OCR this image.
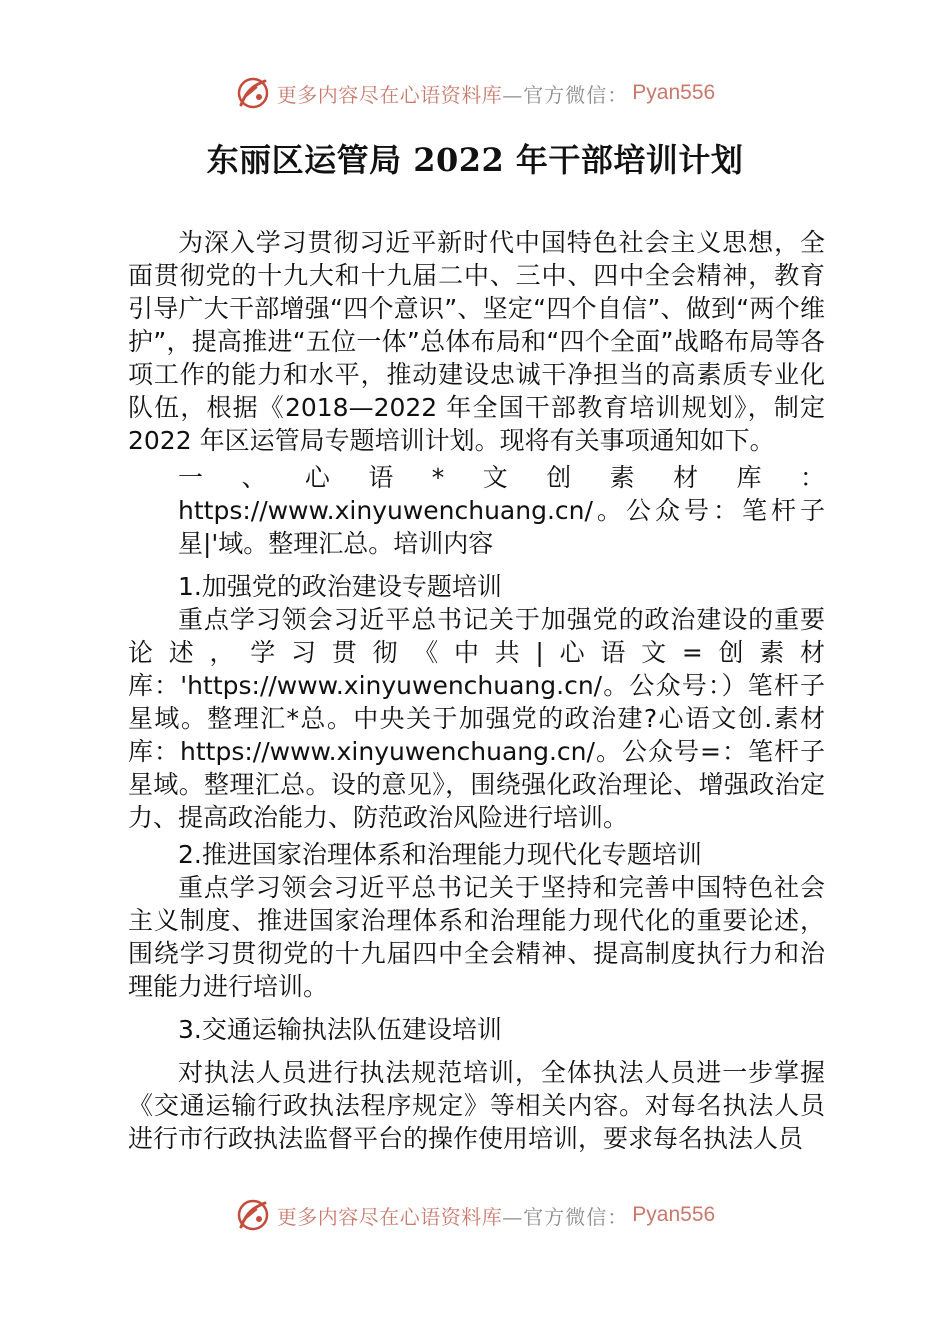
更多内容尽在心语资料库 —官方微信： Pyan556
东丽区运管局 2022 年干部培训计划

为深入学习贯彻习近平新时代中国特色社会主义思想，全面贯彻党的十九大和十九届二中、三中、四中全会精神，教育引导广大干部增强“四个意识”、坚定“四个自信”、做到“两个维护”，提高推进“五位一体”总体布局和“四个全面”战略布局等各项工作的能力和水平，推动建设忠诚干净担当的高素质专业化队伍，根据《2018—2022 年全国干部教育培训规划》，制定 2022 年区运管局专题培训计划。现将有关事项通知如下。

一、心语*文创素材库：https://www.xinyuwenchuang.cn/。公众号：笔杆子星|'域。整理汇总。培训内容

1.加强党的政治建设专题培训

重点学习领会习近平总书记关于加强党的政治建设的重要论述，学习贯彻《中共|心语文=创素材库：'https://www.xinyuwenchuang.cn/。公众号：）笔杆子星域。整理汇*总。中央关于加强党的政治建?心语文创.素材库：https://www.xinyuwenchuang.cn/。公众号=：笔杆子星域。整理汇总。设的意见》，围绕强化政治理论、增强政治定力、提高政治能力、防范政治风险进行培训。

2.推进国家治理体系和治理能力现代化专题培训

重点学习领会习近平总书记关于坚持和完善中国特色社会 主义制度、推进国家治理体系和治理能力现代化的重要论述， 围绕学习贯彻党的十九届四中全会精神、提高制度执行力和治理能力进行培训。

3.交通运输执法队伍建设培训

对执法人员进行执法规范培训，全体执法人员进一步掌握《交通运输行政执法程序规定》等相关内容。对每名执法人员进行市行政执法监督平台的操作使用培训，要求每名执法人员

更多内容尽在心语资料库 —官方微信： Pyan556
